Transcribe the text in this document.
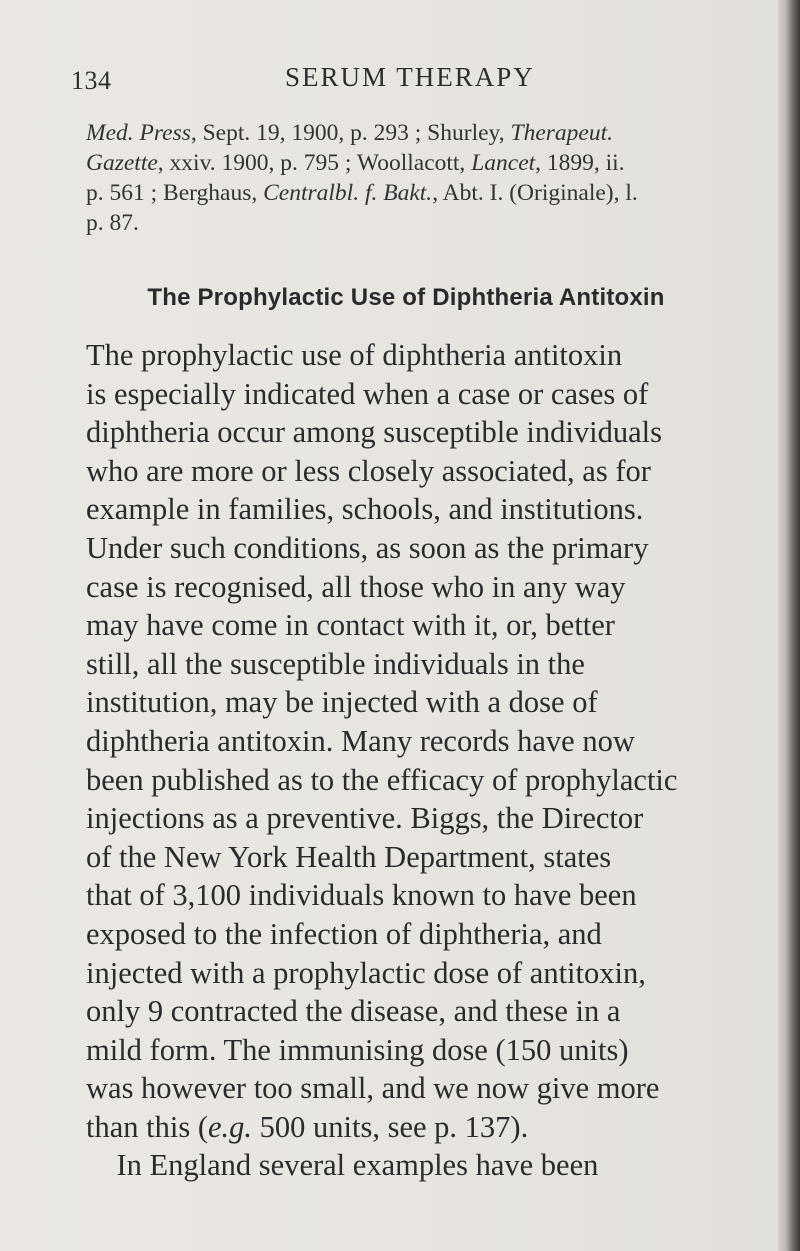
134	SERUM THERAPY
Med. Press, Sept. 19, 1900, p. 293 ; Shurley, Therapeut.
Gazette, xxiv. 1900, p. 795 ; Woollacott, Lancet, 1899, ii.
p. 561 ; Berghaus, Centralbl. f. Bakt., Abt. I. (Originale), l.
p. 87.
The Prophylactic Use of Diphtheria Antitoxin
The prophylactic use of diphtheria antitoxin
is especially indicated when a case or cases of
diphtheria occur among susceptible individuals
who are more or less closely associated, as for
example in families, schools, and institutions.
Under such conditions, as soon as the primary
case is recognised, all those who in any way
may have come in contact with it, or, better
still, all the susceptible individuals in the
institution, may be injected with a dose of
diphtheria antitoxin. Many records have now
been published as to the efficacy of prophylactic
injections as a preventive. Biggs, the Director
of the New York Health Department, states
that of 3,100 individuals known to have been
exposed to the infection of diphtheria, and
injected with a prophylactic dose of antitoxin,
only 9 contracted the disease, and these in a
mild form. The immunising dose (150 units)
was however too small, and we now give more
than this (e.g. 500 units, see p. 137).
In England several examples have been
